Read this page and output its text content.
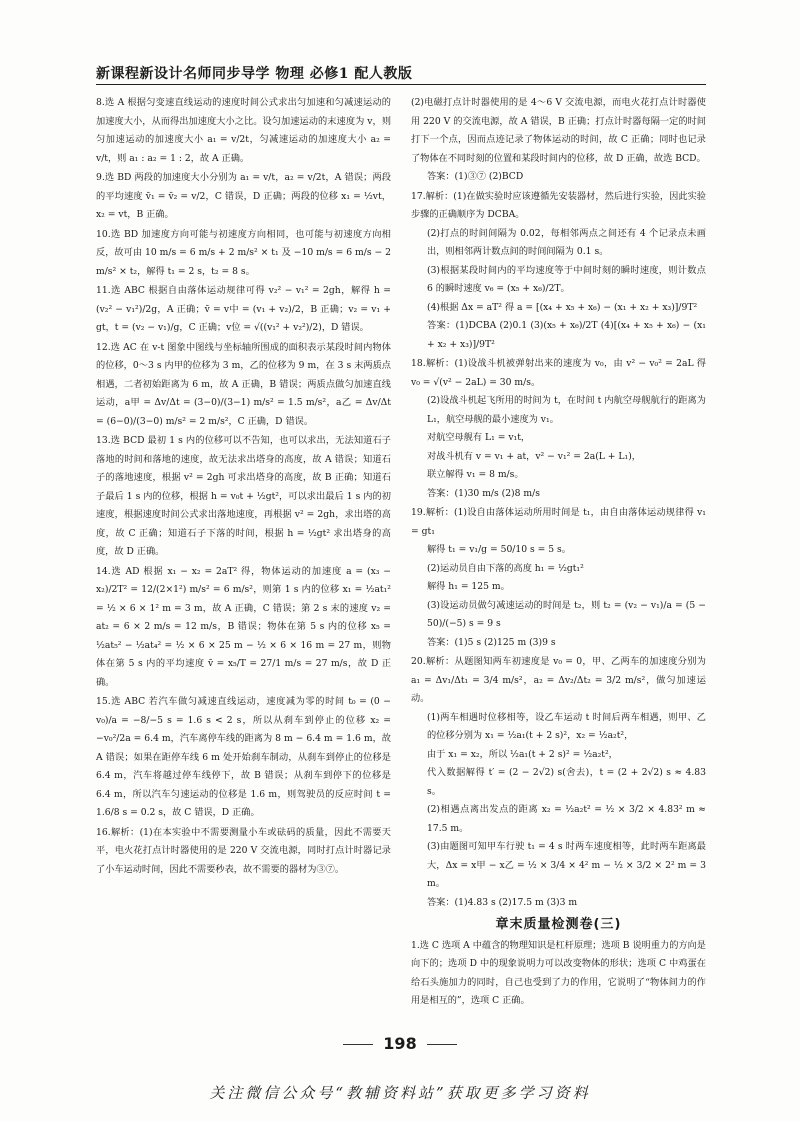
新课程新设计名师同步导学 物理 必修1 配人教版

8.选 A 根据匀变速直线运动的速度时间公式求出匀加速和匀减速运动的加速度大小，从而得出加速度大小之比。设匀加速运动的末速度为 v，则匀加速运动的加速度大小 a₁ = v/2t，匀减速运动的加速度大小 a₂ = v/t，则 a₁ : a₂ = 1 : 2，故 A 正确。

9.选 BD 两段的加速度大小分别为 a₁ = v/t，a₂ = v/2t，A 错误；两段的平均速度 v̄₁ = v̄₂ = v/2，C 错误，D 正确；两段的位移 x₁ = ½vt，x₂ = vt，B 正确。

10.选 BD 加速度方向可能与初速度方向相同，也可能与初速度方向相反，故可由 10 m/s = 6 m/s + 2 m/s² × t₁ 及 −10 m/s = 6 m/s − 2 m/s² × t₂，解得 t₁ = 2 s，t₂ = 8 s。

11.选 ABC 根据自由落体运动规律可得 v₂² − v₁² = 2gh，解得 h = (v₂² − v₁²)/2g，A 正确；v̄ = v中 = (v₁ + v₂)/2，B 正确；v₂ = v₁ + gt，t = (v₂ − v₁)/g，C 正确；v位 = √((v₁² + v₂²)/2)，D 错误。

12.选 AC 在 v-t 图象中图线与坐标轴所围成的面积表示某段时间内物体的位移，0～3 s 内甲的位移为 3 m，乙的位移为 9 m，在 3 s 末两质点相遇，二者初始距离为 6 m，故 A 正确，B 错误；两质点做匀加速直线运动，a甲 = Δv/Δt = (3−0)/(3−1) m/s² = 1.5 m/s²，a乙 = Δv/Δt = (6−0)/(3−0) m/s² = 2 m/s²，C 正确，D 错误。

13.选 BCD 最初 1 s 内的位移可以不告知，也可以求出，无法知道石子落地的时间和落地的速度，故无法求出塔身的高度，故 A 错误；知道石子的落地速度，根据 v² = 2gh 可求出塔身的高度，故 B 正确；知道石子最后 1 s 内的位移，根据 h = v₀t + ½gt²，可以求出最后 1 s 内的初速度，根据速度时间公式求出落地速度，再根据 v² = 2gh，求出塔的高度，故 C 正确；知道石子下落的时间，根据 h = ½gt² 求出塔身的高度，故 D 正确。

14.选 AD 根据 x₁ − x₂ = 2aT² 得，物体运动的加速度 a = (x₃ − x₂)/2T² = 12/(2×1²) m/s² = 6 m/s²，则第 1 s 内的位移 x₁ = ½at₁² = ½ × 6 × 1² m = 3 m，故 A 正确，C 错误；第 2 s 末的速度 v₂ = at₂ = 6 × 2 m/s = 12 m/s，B 错误；物体在第 5 s 内的位移 x₅ = ½at₅² − ½at₄² = ½ × 6 × 25 m − ½ × 6 × 16 m = 27 m，则物体在第 5 s 内的平均速度 v̄ = x₅/T = 27/1 m/s = 27 m/s，故 D 正确。

15.选 ABC 若汽车做匀减速直线运动，速度减为零的时间 t₀ = (0 − v₀)/a = −8/−5 s = 1.6 s < 2 s，所以从刹车到停止的位移 x₂ = −v₀²/2a = 6.4 m，汽车离停车线的距离为 8 m − 6.4 m = 1.6 m，故 A 错误；如果在距停车线 6 m 处开始刹车制动，从刹车到停止的位移是 6.4 m，汽车将越过停车线停下，故 B 错误；从刹车到停下的位移是 6.4 m，所以汽车匀速运动的位移是 1.6 m，则驾驶员的反应时间 t = 1.6/8 s = 0.2 s，故 C 错误，D 正确。

16.解析：(1)在本实验中不需要测量小车或砝码的质量，因此不需要天平，电火花打点计时器使用的是 220 V 交流电源，同时打点计时器记录了小车运动时间，因此不需要秒表，故不需要的器材为③⑦。

(2)电磁打点计时器使用的是 4～6 V 交流电源，而电火花打点计时器使用 220 V 的交流电源，故 A 错误，B 正确；打点计时器每隔一定的时间打下一个点，因而点迹记录了物体运动的时间，故 C 正确；同时也记录了物体在不同时刻的位置和某段时间内的位移，故 D 正确，故选 BCD。

答案：(1)③⑦ (2)BCD

17.解析：(1)在做实验时应该遵循先安装器材，然后进行实验，因此实验步骤的正确顺序为 DCBA。

(2)打点的时间间隔为 0.02，每相邻两点之间还有 4 个记录点未画出，则相邻两计数点间的时间间隔为 0.1 s。

(3)根据某段时间内的平均速度等于中间时刻的瞬时速度，则计数点 6 的瞬时速度 v₆ = (x₅ + x₆)/2T。

(4)根据 Δx = aT² 得 a = [(x₄ + x₅ + x₆) − (x₁ + x₂ + x₃)]/9T²

答案：(1)DCBA (2)0.1 (3)(x₅ + x₆)/2T (4)[(x₄ + x₅ + x₆) − (x₁ + x₂ + x₃)]/9T²

18.解析：(1)设战斗机被弹射出来的速度为 v₀，由 v² − v₀² = 2aL 得 v₀ = √(v² − 2aL) = 30 m/s。

(2)设战斗机起飞所用的时间为 t，在时间 t 内航空母舰航行的距离为 L₁，航空母舰的最小速度为 v₁。

对航空母舰有 L₁ = v₁t，

对战斗机有 v = v₁ + at，v² − v₁² = 2a(L + L₁)，

联立解得 v₁ = 8 m/s。

答案：(1)30 m/s (2)8 m/s

19.解析：(1)设自由落体运动所用时间是 t₁，由自由落体运动规律得 v₁ = gt₁

解得 t₁ = v₁/g = 50/10 s = 5 s。

(2)运动员自由下落的高度 h₁ = ½gt₁²

解得 h₁ = 125 m。

(3)设运动员做匀减速运动的时间是 t₂，则 t₂ = (v₂ − v₁)/a = (5 − 50)/(−5) s = 9 s

答案：(1)5 s (2)125 m (3)9 s

20.解析：从题图知两车初速度是 v₀ = 0，甲、乙两车的加速度分别为 a₁ = Δv₁/Δt₁ = 3/4 m/s²，a₂ = Δv₂/Δt₂ = 3/2 m/s²，做匀加速运动。

(1)两车相遇时位移相等，设乙车运动 t 时间后两车相遇，则甲、乙的位移分别为 x₁ = ½a₁(t + 2 s)²，x₂ = ½a₂t²，

由于 x₁ = x₂，所以 ½a₁(t + 2 s)² = ½a₂t²，

代入数据解得 t′ = (2 − 2√2) s(舍去)，t = (2 + 2√2) s ≈ 4.83 s。

(2)相遇点离出发点的距离 x₂ = ½a₂t² = ½ × 3/2 × 4.83² m ≈ 17.5 m。

(3)由题图可知甲车行驶 t₁ = 4 s 时两车速度相等，此时两车距离最大，Δx = x甲 − x乙 = ½ × 3/4 × 4² m − ½ × 3/2 × 2² m = 3 m。

答案：(1)4.83 s (2)17.5 m (3)3 m

章末质量检测卷(三)

1.选 C 选项 A 中蕴含的物理知识是杠杆原理；选项 B 说明重力的方向是向下的；选项 D 中的现象说明力可以改变物体的形状；选项 C 中鸡蛋在给石头施加力的同时，自己也受到了力的作用，它说明了“物体间力的作用是相互的”，选项 C 正确。

198
关注微信公众号“教辅资料站”获取更多学习资料
